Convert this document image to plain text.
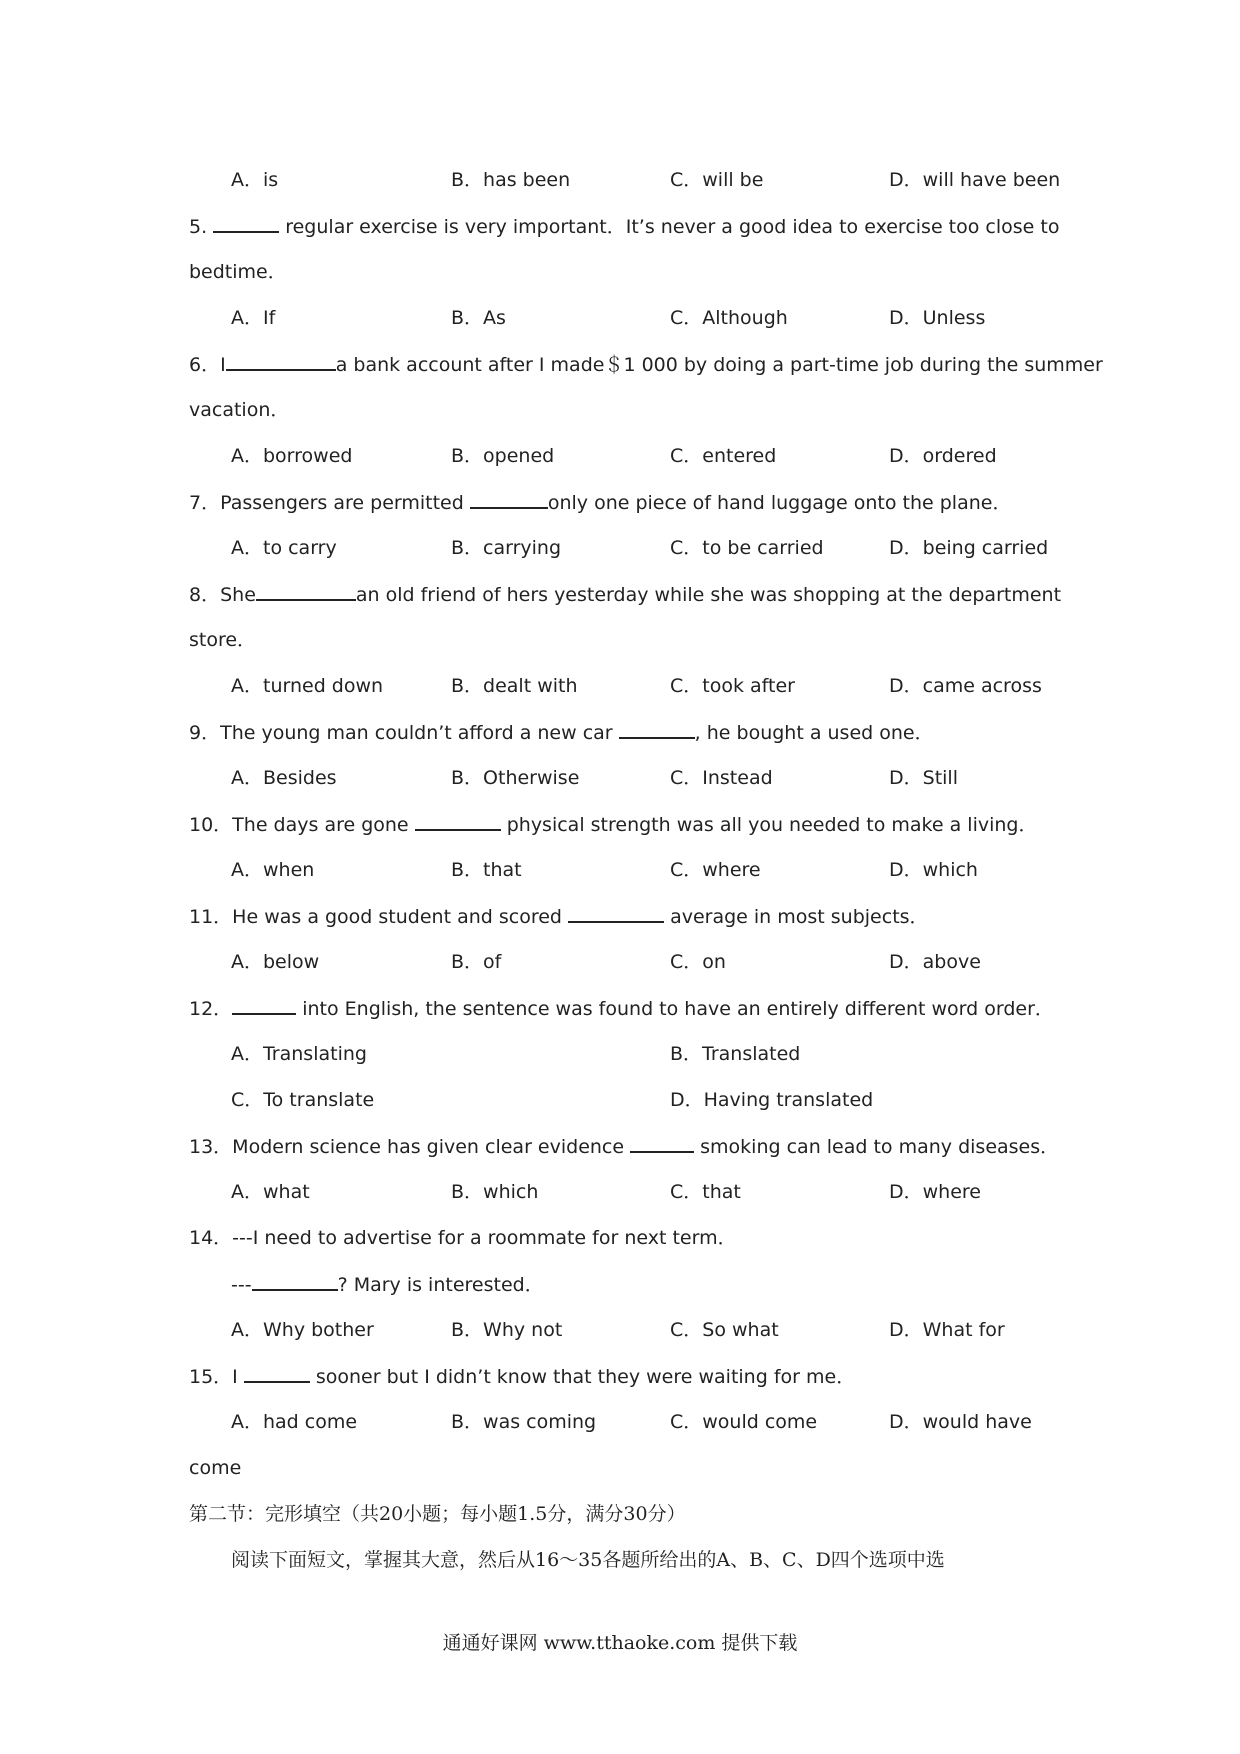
A．is	B．has been	C．will be	D．will have been
5.	regular exercise is very important．It’s never a good idea to exercise too close to
bedtime．
A．If	B．As	C．Although	D．Unless
6．I	a bank account after I made＄1 000 by doing a part-time job during the summer
vacation．
A．borrowed	B．opened	C．entered	D．ordered
7．Passengers are permitted	only one piece of hand luggage onto the plane．
A．to carry	B．carrying	C．to be carried	D．being carried
8．She	an old friend of hers yesterday while she was shopping at the department
store．
A．turned down	B．dealt with	C．took after	D．came across
9．The young man couldn’t afford a new car	, he bought a used one．
A．Besides	B．Otherwise	C．Instead	D．Still
10．The days are gone	physical strength was all you needed to make a living．
A．when	B．that	C．where	D．which
11．He was a good student and scored	average in most subjects．
A．below	B．of	C．on	D．above
12．	into English, the sentence was found to have an entirely different word order．
A．Translating	B．Translated
C．To translate	D．Having translated
13．Modern science has given clear evidence	smoking can lead to many diseases．
A．what	B．which	C．that	D．where
14．---I need to advertise for a roommate for next term．
---	? Mary is interested．
A．Why bother	B．Why not	C．So what	D．What for
15．I	sooner but I didn’t know that they were waiting for me．
A．had come	B．was coming	C．would come	D．would have
come
第二节：完形填空（共20小题；每小题1.5分，满分30分）
阅读下面短文，掌握其大意，然后从16～35各题所给出的A、B、C、D四个选项中选
通通好课网 www.tthaoke.com 提供下载
